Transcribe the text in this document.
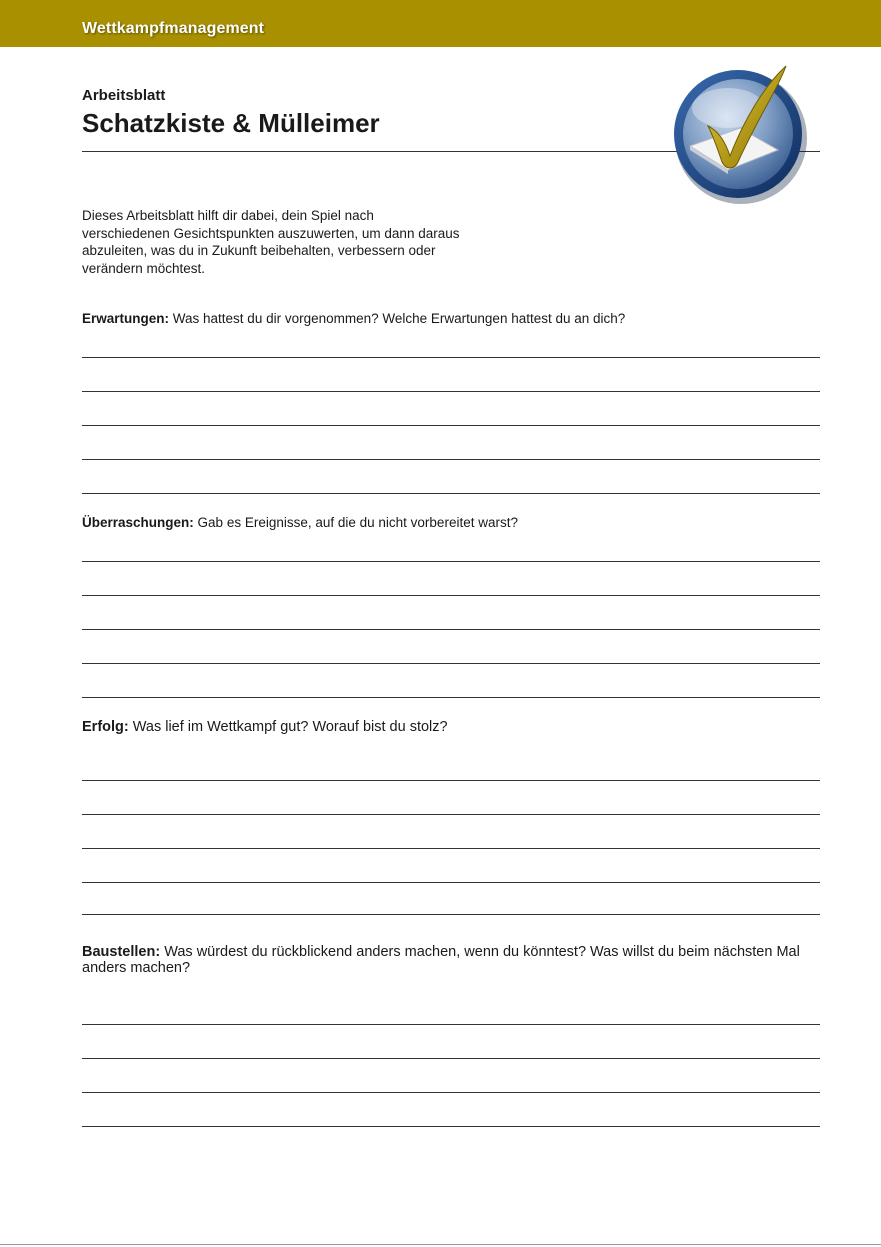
Wettkampfmanagement
Arbeitsblatt
Schatzkiste & Mülleimer
Dieses Arbeitsblatt hilft dir dabei, dein Spiel nach verschiedenen Gesichtspunkten auszuwerten, um dann daraus abzuleiten, was du in Zukunft beibehalten, verbessern oder verändern möchtest.
Erwartungen: Was hattest du dir vorgenommen? Welche Erwartungen hattest du an dich?
Überraschungen: Gab es Ereignisse, auf die du nicht vorbereitet warst?
Erfolg: Was lief im Wettkampf gut? Worauf bist du stolz?
Baustellen: Was würdest du rückblickend anders machen, wenn du könntest? Was willst du beim nächsten Mal anders machen?
